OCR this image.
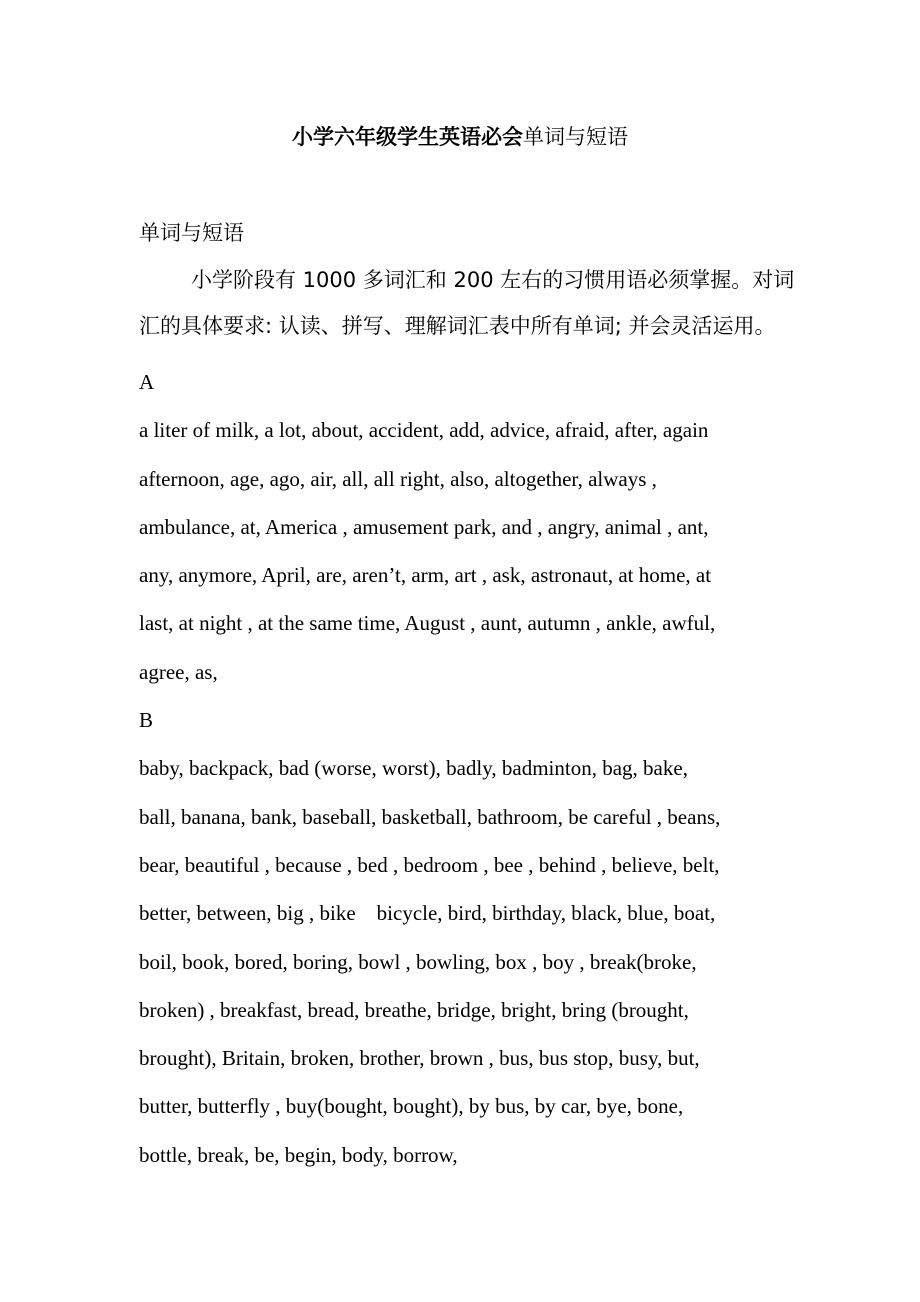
小学六年级学生英语必会单词与短语
单词与短语
小学阶段有 1000 多词汇和 200 左右的习惯用语必须掌握。对词
汇的具体要求: 认读、拼写、理解词汇表中所有单词; 并会灵活运用。
A
a liter of milk, a lot, about, accident, add, advice, afraid, after, again
afternoon, age, ago, air, all, all right, also, altogether, always ,
ambulance, at, America , amusement park, and , angry, animal , ant,
any, anymore, April, are, aren’t, arm, art , ask, astronaut, at home, at
last, at night , at the same time, August , aunt, autumn , ankle, awful,
agree, as,
B
baby, backpack, bad (worse, worst), badly, badminton, bag, bake,
ball, banana, bank, baseball, basketball, bathroom, be careful , beans,
bear, beautiful , because , bed , bedroom , bee , behind , believe, belt,
better, between, big , bike    bicycle, bird, birthday, black, blue, boat,
boil, book, bored, boring, bowl , bowling, box , boy , break(broke,
broken) , breakfast, bread, breathe, bridge, bright, bring (brought,
brought), Britain, broken, brother, brown , bus, bus stop, busy, but,
butter, butterfly , buy(bought, bought), by bus, by car, bye, bone,
bottle, break, be, begin, body, borrow,
